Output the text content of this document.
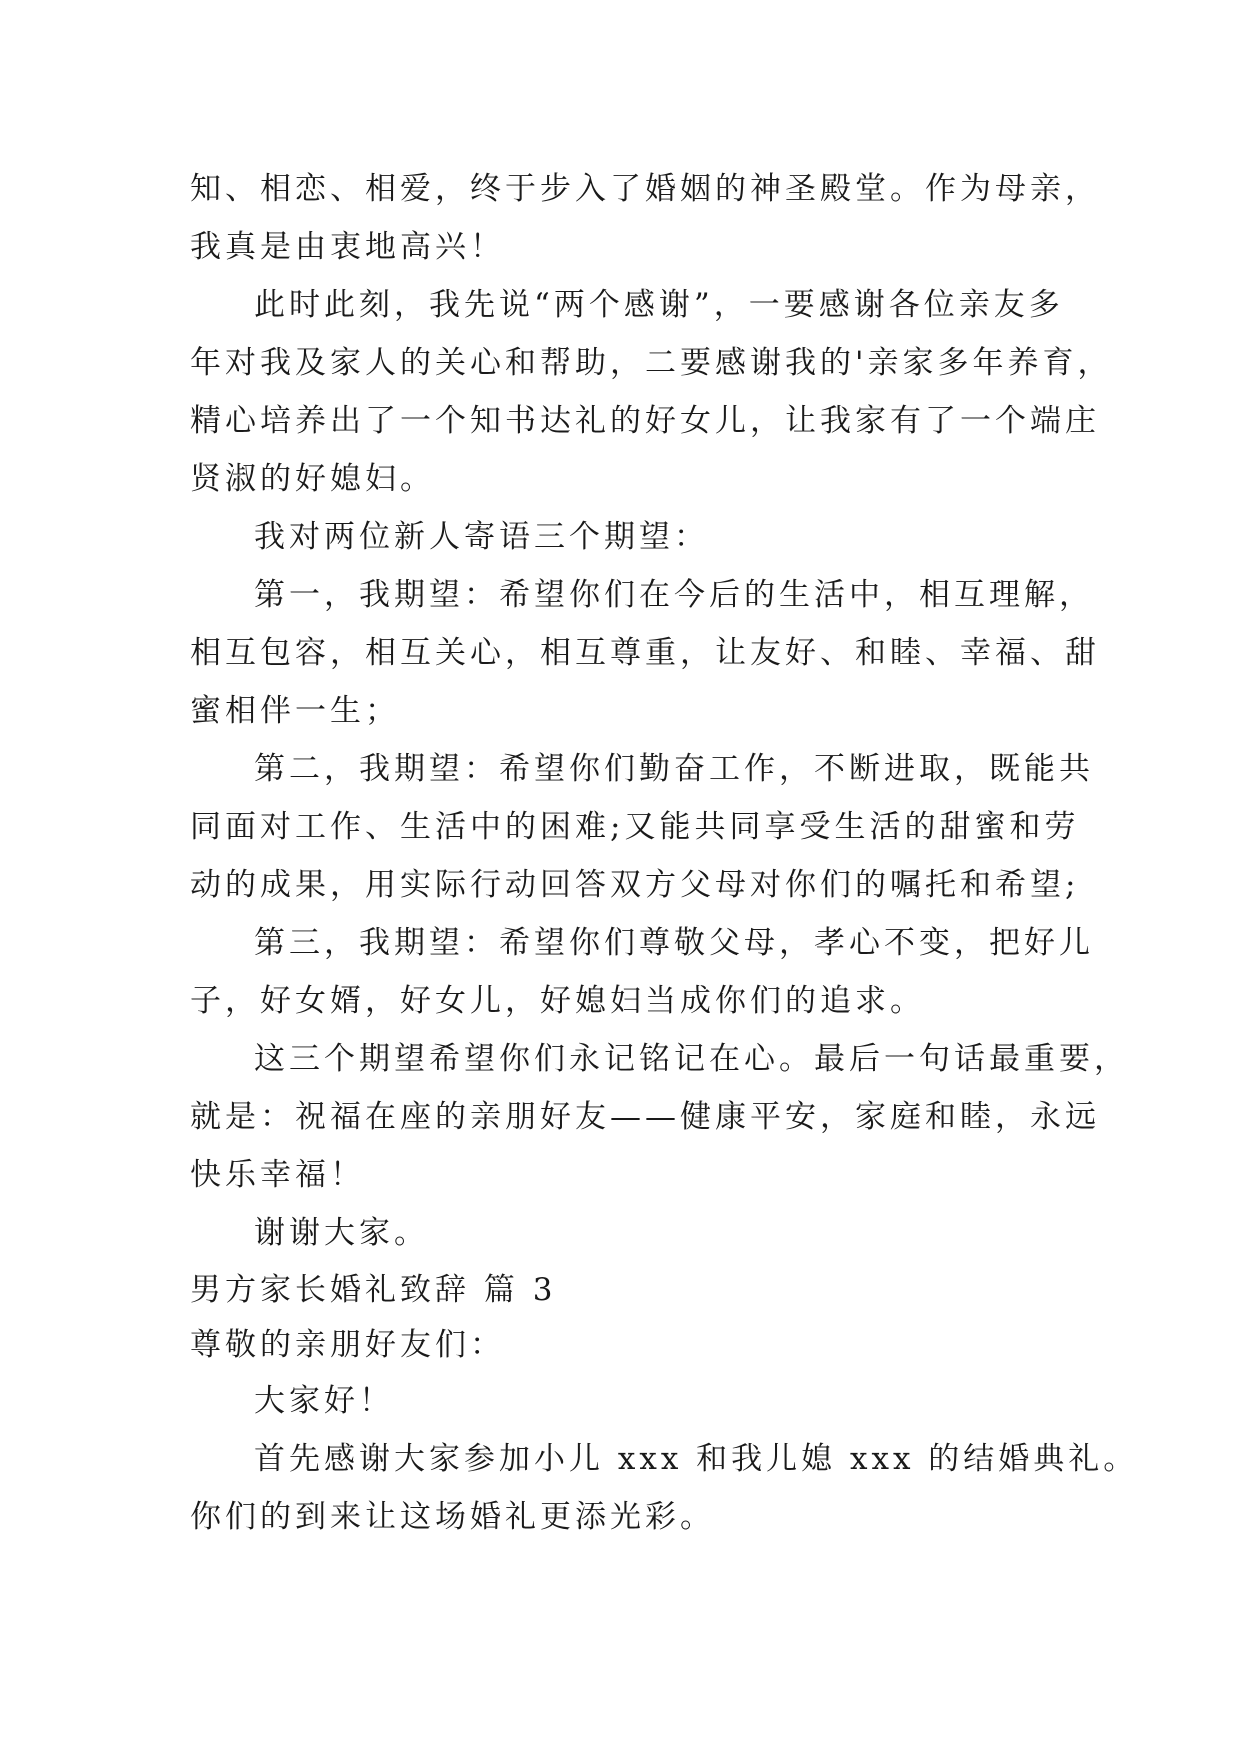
知、相恋、相爱，终于步入了婚姻的神圣殿堂。作为母亲，
我真是由衷地高兴！
此时此刻，我先说“两个感谢”，一要感谢各位亲友多
年对我及家人的关心和帮助，二要感谢我的'亲家多年养育，
精心培养出了一个知书达礼的好女儿，让我家有了一个端庄
贤淑的好媳妇。
我对两位新人寄语三个期望：
第一，我期望：希望你们在今后的生活中，相互理解，
相互包容，相互关心，相互尊重，让友好、和睦、幸福、甜
蜜相伴一生；
第二，我期望：希望你们勤奋工作，不断进取，既能共
同面对工作、生活中的困难;又能共同享受生活的甜蜜和劳
动的成果，用实际行动回答双方父母对你们的嘱托和希望;
第三，我期望：希望你们尊敬父母，孝心不变，把好儿
子，好女婿，好女儿，好媳妇当成你们的追求。
这三个期望希望你们永记铭记在心。最后一句话最重要，
就是：祝福在座的亲朋好友——健康平安，家庭和睦，永远
快乐幸福！
谢谢大家。
男方家长婚礼致辞 篇 3
尊敬的亲朋好友们：
大家好！
首先感谢大家参加小儿 xxx 和我儿媳 xxx 的结婚典礼。
你们的到来让这场婚礼更添光彩。
